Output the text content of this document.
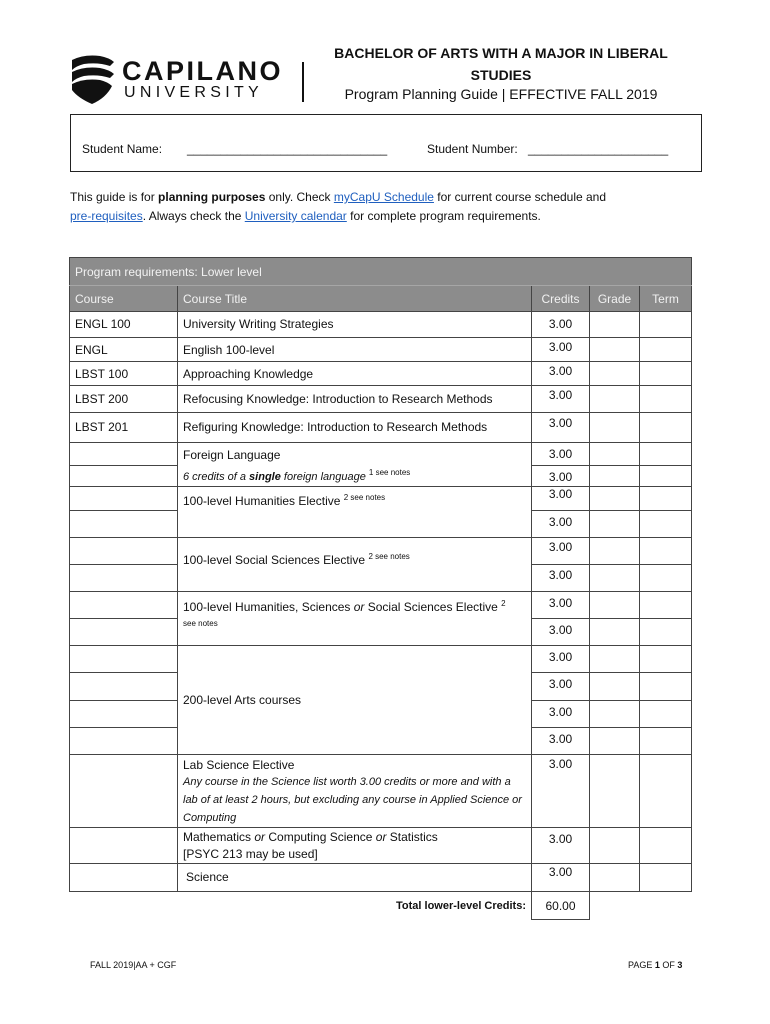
CAPILANO
UNIVERSITY
BACHELOR OF ARTS WITH A MAJOR IN LIBERAL STUDIES
Program Planning Guide | EFFECTIVE FALL 2019
Student Name: ______________________________	Student Number: _____________________
This guide is for planning purposes only. Check myCapU Schedule for current course schedule and
pre-requisites. Always check the University calendar for complete program requirements.
Program requirements: Lower level				
Course	Course Title	Credits	Grade	Term
ENGL 100	University Writing Strategies	3.00		
ENGL	English 100-level	3.00		
LBST 100	Approaching Knowledge	3.00		
LBST 200	Refocusing Knowledge: Introduction to Research Methods	3.00		
LBST 201	Refiguring Knowledge: Introduction to Research Methods	3.00		
	Foreign Language
6 credits of a single foreign language $^{1 see notes}$	3.00		
		3.00		
	100-level Humanities Elective $^{2 see notes}$	3.00		
		3.00		
	100-level Social Sciences Elective $^{2 see notes}$	3.00		
		3.00		
	100-level Humanities, Sciences or Social Sciences Elective $^2$
see notes	3.00		
		3.00		
	200-level Arts courses	3.00		
		3.00		
		3.00		
		3.00		
	Lab Science Elective
Any course in the Science list worth 3.00 credits or more and with a lab of at least 2 hours, but excluding any course in Applied Science or Computing	3.00		
	Mathematics or Computing Science or Statistics
[PSYC 213 may be used]	3.00		
	Science	3.00		
	Total lower-level Credits:	60.00		
FALL 2019|AA + CGF	PAGE 1 OF 3
